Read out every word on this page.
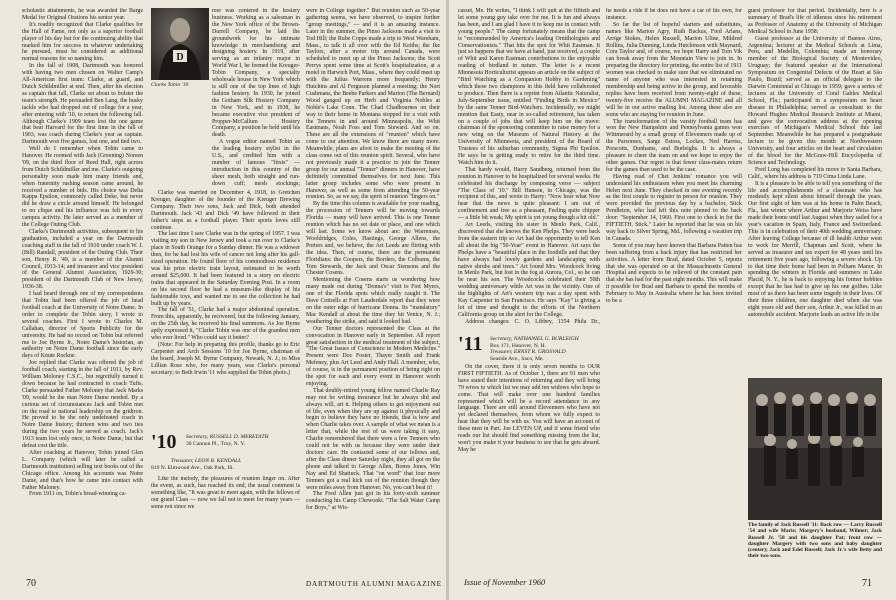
scholastic attainments, he was awarded the Barge Medal for Original Orations his senior year.

It's readily recognized that Clarke qualifies for the Hall of Fame, not only as a superior football player of his day but for the continuing ability that marked him for success in whatever undertaking he pursued, must be considered as additional normal reasons for so naming him.

In the fall of 1908, Dartmouth was honored with having two men chosen on Walter Camp's All-American first team: Clarke, at guard, and Dutch Schildmiller at end. Then, after his election as captain that fall, Clarke set about to bolster the team's strength. He persuaded Ben Lang, the husky tackle who had dropped out of college for a year, after entering with '10, to return the following fall. Although Clarke's 1909 team lost the one game that beat Harvard for the first time in the fall of 1903, was coach during Clarke's year as captain. Dartmouth won five games, lost one, and tied two.

Well do I remember when Tobin came to Hanover. He roomed with Jack (Greening) Noreen '09, on the third floor of Reed Hall, right across from Dutch Schildmiller and me. Clarke's outgoing personality soon made him many friends and, when fraternity rushing season came around, he received a number of bids. His choice was Delta Kappa Epsilon, commonly called Deke, but never did he draw a circle around himself. He belonged to no clique and his influence was felt in every campus activity. He later served as a member of the College Outing Club.

Clarke's Dartmouth activities, subsequent to his graduation, included a year on the Dartmouth coaching staff in the fall of 1910 under coach W. J. (Bill) Randall, president of the Outing Club. Their son, Henry R. '49, is a member of the Alumni Council, 1913-14; and treasurer and vice president of the General Alumni Association, 1929-30; president of the Dartmouth Club of New Jersey, 1936-38.

I had heard through one of my correspondents that Tobin had been offered the job of head football coach at the University of Notre Dame. In order to complete the Tobin story, I wrote to several coaches. First I wrote to Charles M. Callahan, director of Sports Publicity for the university. He had no record on Tobin but referred me to Joe Byrne Jr., Notre Dame's historian, an authority on Notre Dame football since the early days of Knute Rockne.

Joe replied that Clarke was offered the job of football coach, starting in the fall of 1911, by Rev. William Moloney C.S.C., but regretfully turned it down because he had contracted to coach Tufts. Clarke persuaded Father Moloney that Jack Marks '09, would be the man Notre Dame needed. By a curious set of circumstances Jack and Tobin met on the road to national leadership on the gridiron. He proved to be the only undefeated coach in Notre Dame history; thirteen wins and two ties during the two years he served as coach. Jack's 1913 team lost only once, to Notre Dame, but that defeat cost the title.

After coaching at Hanover, Tobin joined Glen L. Company (which will later be called a Dartmouth institution) selling text books out of the Chicago office. Among his accounts was Notre Dame, and that's how he came into contact with Father Maloney.

From 1911 on, Tobin's bread-winning ca-

D
Clarke Tobin '10

reer was centered in the hosiery business. Working as a salesman in the New York office of the Brown-Durrell Company, he laid the groundwork for his intimate knowledge in merchandising and designing hosiery. In 1919, after serving as an infantry major in World War I, he formed the Kreuger-Tobin Company, a specialty wholesale house in New York which is still one of the top lines of high fashion hosiery. In 1930, he joined the Gotham Silk Hosiery Company in New York, and in 1938, he became executive vice president of Propper-McCallum Hosiery Company, a position he held until his death.

A vogue editor named Tobin as the leading hosiery stylist in the U.S., and credited him with a number of famous "firsts" — introduction in this country of the sheer mesh, both straight and run-down cuff; mesh stockings;

Clarke was married on December 4, 1918, to Gretchen Kreuger, daughter of the founder of the Kreuger Brewing Company. Their two sons, Jack and Dick, both attended Dartmouth. Jack '43 and Dick '49 have followed in their father's steps as a football player. Their sports loves still continue.

The last time I saw Clarke was in the spring of 1957. I was visiting my son in New Jersey and took a run over to Clarke's place in South Orange for a Sunday dinner. He was a widower then, for he had lost his wife of cancer not long after his gall-sized operation. He found floor of his commodious residence was his prize electric train layout, estimated to be worth around $25,000. It had been featured in a story on electric trains that appeared in the Saturday Evening Post. In a room on his second floor he had a museum-like display of his fashionable toys, and wanted me to see the collection he had built up by years.

The fall of '51, Clarke had a major abdominal operation. From this, apparently, he recovered, but the following January, on the 25th day, he received his final summons. As Joe Byrne aptly expressed it, "Clarke Tobin was one of the grandest men who ever lived." Who could say it better?

(Note: For help in preparing this profile, thanks go to Eric Carpenter and Arch Sessions '10 for Joe Byrne, chairman of the board, Joseph M. Byrne Company, Newark, N. J.; to Miss Lillian Rose who, for many years, was Clarke's personal secretary; to Beth Irwin '11 who supplied the Tobin photo.)

'10 Secretary, RUSSELL D. MEREDITH
30 Cannon Pl., Troy, N. Y.
Treasurer, LEON B. KENDALL
819 N. Elmwood Ave., Oak Park, Ill.

Like the melody, the pleasures of reunion linger on. After the event, as such, has reached its end, the usual comment is something like, "It was great to meet again, with the fellows of our grand Class — now we fall not to meet for many years — some not since we

were in College together." But reunion such as 50-year gathering seems, we have observed, to inspire further "group meetings," — and it is an amazing instance. Later in the summer, the Pinso Jacksons made a visit to Tod Hill; the Rube Copps made a trip to West Wareham, Mass., to talk it all over with the Ed Keiths; the Ike Taylors, after a motor trip around Canada, were scheduled to meet up at the Pinso Jacksons; the Scott Perrys spent some time at Scott's hospitalization, at a motel in Harwich Port, Mass., where they could meet up with the Julius Warrens more frequently; Henry Hutchins and Al Ferguson planned a meeting; the Nort Cushmans, the Beebe Parkers and Marion (The Bernard) Wood ganged up on Herb and Virginia Nobles at Noble's Lake Conn. The Chad Chadbournes on their way to their home in Montana stopped for a visit with the Tenners in and around Minneapolis, the Whit Eastmans, Noah Foss and Tom Steward. And so on. These are all the extensions of "reunion" which have come to our attention. We know there are many more. Meanwhile, plans are afoot to make the meeting of the class come out of this reunion spirit. Several, who have not previously made it a practice to join the Tenner group for our annual "Tenner" dinners in Hanover, have definitely committed themselves for next June. This latter group includes some who were present in Hanover, as well as some from attending the 50-year reunion. So, as we say, the spirit of reunion "lingers on."

By the time this column is available for your reading, the procession of Tenners will be moving towards Florida — many will have arrived. This is one Tenner reunion which has no set date or place, and one which will last. Some we know about are: the Warrenses, Wooldridges, Coles, Hastings, George Allens, the Porters and, we believe, the Art Leeds are flirting with the idea. Then, of course, there are the permanent Floridians: the Coopers, the Borders, the Colbums, the Tom Stewards, the Jack and Oscar Stensons and the Chester Cosens.

Mentioning the Cosens starts us wondering how many made out during "Donna's" visit to Fort Myers, one of the Florida spots which really caught it. The Dave Cottrells at Fort Lauderdale report that they were on the outer edge of hurricane Donna. Its "mandatory" Mac Kendall at about the time they hit Venice, N. J.; weathering the strike, and said it looked bad.

Our Tenner doctors represented the Class at the convocation in Hanover early in September. All report great satisfaction in the medical treatment of the subject, "The Great Issues of Conscience in Modern Medicine." Present were Doc Foster, Thayer Smith and Frank Mefeney, plus Art Leed and Andy Hall. A member, who, of course, is in the permanent position of being right on the spot for each and every event in Hanover worth enjoying.

That doubly-retired young fellow named Charlie Ray may not be writing insurance but he always did and always will, art it. Helping others to get enjoyment out of life, even when they are up against it physically and begin to believe they have no friends, that is how and when Charlie takes over. A sample of what we mean is a letter that, while the rest of us were taking it easy, Charlie remembered that there were a few Tenners who could not be with us because they were under their doctors' care. He contacted some of our fellows and, after the Class dinner Saturday night, they all got on the phone and talked to George Allen, Bones Jones, Win Nay and Ed Shattuck. That "on word" that four more Tenners got a real kick out of the reunion though they were miles away from Hanover. No, you can't beat it!

The Fred Allen just got in his forty-sixth summer conducting his Camp Chewonki. "The Salt Water Camp for Boys," at Wis-

70	DARTMOUTH ALUMNI MAGAZINE

casset, Me. He writes, "I think I will quit at the fiftieth and let some young guy take over for me. It is fun and always has been, and I am glad I have it to keep me in contact with young people." The camp fortunately means that the camp is "recommended by America's leading Ornithologists and Conservationists." That hits the spot for Whit Eastman. It just so happens that we have at hand, just received, a couple of Whit and Karen Eastman contributions to the enjoyable reading of birdland in nature. The letter is a recent Minnesota Horticulturist appears an article on the subject of "Bird Watching as a Companion Hobby to Gardening" which these two champions in this field have collaborated to produce. Then there is a reprint from Atlantic Naturalist, July-September issue, entitled "Finding Birds in Mexico" by the same Tenner Bird-Watchers. Incidentally, we might mention that Easty, near in so-called retirement, has taken on a couple of jobs that will keep him on the move: chairman of the sponsoring committee to raise money for a new wing on the Museum of Natural History at the University of Minnesota, and president of the Board of Trustees of his suburban community, Sigma Phi Epsilon. He says he is getting ready to retire for the third time. Watch him do it.

That hardy would, Harry Sandberg, returned from the reunion in Hanover to be hospitalized for several weeks. He celebrated his discharge by composing verse — subject "The Class of '10." Bill Hanson, in Chicago, was the recipient of this, and wrote to Harry: "Now hear what Now hear that the news is quite pleasant: I am out of confinement and free as a pheasant, Feeling quite chipper — a little bit weak; My spirit is yet young though a bit old."

Art Leeds, visiting his sister in Menlo Park, Calif., discovered that she knows the Ken Phelps. They were back from the eastern trip so Art had the opportunity to tell Ken all about the big "50-Year" event in Hanover. Art says the Phelps have a "beautiful place in the foothills and that they have always had lovely gardens and landscaping with native shrubs and trees." Art found Mrs. Woodcock living in Menlo Park, but lost in the fog at Aurora, Col., so he can be near his son. The Woodcocks celebrated their 50th wedding anniversary while Art was in the vicinity. One of the highlights of Art's western trip was a day spent with Kay Carpenter in San Francisco. He says "Kay" is giving a lot of time and thought to the efforts of the Northern California group on the alert for the College.

Address changes: C. O. Libbey, 1354 Phila Dr.,

'11 Secretary, NATHANIEL G. BURLEIGH
Box 171, Hanover, N. H.
Treasurer, ERNST R. GROSVALD
Seaside Ave., Saco, Me.

On the cover, there it is only seven months to OUR FIRST FIFTIETH. As of October 1, there are 91 men who have stated their intentions of returning and they will bring 79 wives to which list we may add ten widows who hope to come. That will make over one hundred families represented which will be a record attendance in any language. There are still around Elevenners who have not yet declared themselves, from whom we fully expect to hear that they will be with us. You will have an account of these men in Part. Joe LEVEN UP, and if some friend who reads our list should find something missing from the list, won't you make it your business to see that he gets aboard. May he

he needs a ride if he does not have a car of his own, for instance.

So far the list of hopeful starters and substitutes, names like Marion Agry, Ruth Backus, Fred Arlans, Arrige Stokes, Helen Russell, Marion Uline, Mildred Rollins, Julia Dunning, Linda Hutchinson with Maynard, Cora Taylor and, of course, we hope Harry and Tom Vik can break away from the Mountain View to join in. In preparing the directory for printing, the entire list of 1911 women was checked to make sure that we eliminated no name of anyone who was interested in retaining membership and being active in the group, and favorable replies have been received from twenty-eight of these, twenty-five receive the ALUMNI MAGAZINE and all will be in our active mailing list. Among these also are some who are staying for reunion in June.

The transformation of the varsity football team has won the New Hampshire and Pennsylvania games won Wittmerard by a small group of Elevenners made up of the Parsonses, Sarge Estoss, Lockes, Ned Harriss, Prescotts, Dunhams, and Burleighs. It is always a pleasure to cheer the team on and we hope to enjoy the other games. Our regret is that fewer class-mates return for the games than used to be the case.

Having read of Chet Jenkins' romance you will understand his enthusiasm when you meet his charming Helen next June. They checked in one evening recently as the first couple to register in person for reunion. They were provided the previous day by a bachelor, Stick Pendleton, who had left this note pinned to the back door: "September 14, 1960. First one to check in for the FIFTIETH. Stick." Later he reported that he was on his way back to Silver Spring, Md., following a vacation trip in Canada.

Some of you may have known that Barbara Patten has been suffering from a back injury that has restricted her activities. A letter from Brad, dated October 5, reports that she was operated on at the Massachusetts General Hospital and expects to be relieved of the constant pain that she has had for the past eight months. This will make it possible for Brad and Barbara to spend the months of February to May in Australia where he has been invited to be a

guest professor for that period. Incidentally, here is a summary of Brad's life of idleness since his retirement as Professor of Anatomy at the University of Michigan Medical School in June 1958:

Guest professor at the University of Buenos Aires, Argentina; lecturer at the Medical Schools at Lima, Peru, and Medellin, Colombia; made an honorary member of the Biological Society of Montevideo, Uruguay; the featured speaker at the International Symposium on Congenital Defects of the Heart at São Paulo, Brazil; served as an official delegate to the Darwin Centennial at Chicago in 1959; gave a series of lectures at the University of Coral Gables Medical School, Fla.; participated in a symposium on heart disease in Philadelphia; served as consultant to the Howard Hughes Medical Research Institute at Miami, and gave the convocation address at the opening exercises of Michigan's Medical School this last September. Meanwhile he has prepared a postgraduate lecture to be given this month at Northwestern University, and four articles on the heart and circulation of the blood for the McGraw-Hill Encyclopedia of Science and Technology.

Fred Long has completed his move to Santa Barbara, Calif., where his address is 719 Cima Linda Lane.

It is a pleasure to be able to tell you something of the life and accomplishments of a classmate who has modestly kept silent about himself through the years. Our first sight of him was at his home in Palm Beach, Fla., last winter where Arthur and Marjorie Weiss have made their home until last August when they sailed for a year's vacation in Spain, Italy, France and Switzerland. This is in celebration of their 40th wedding anniversary. After leaving College because of ill health Arthur went to work for Merrill, Chapman and Scott, where he served as treasurer and tax expert for 48 years until his retirement five years ago, following a severe shock. Up to that time their home had been in Pelham Manor. In spending the winters in Florida and summers in Lake Placid, N. Y., he is back to enjoying his former hobbies except that he has had to give up his one golfies. Like most of us there has been some tragedy in their lives. Of their three children, one daughter died when she was eight years old and their son, Arthur Jr., was killed in an automobile accident. Marjorie leads an active life in the

The family of Jack Russell '11: Back row — Larry Russell '54 and wife Marie; Margery's husband, Wilmer; Jack Russell Jr. '58 and his daughter Pat; front row — daughter Margery with two sons and baby daughter (center); Jack and Edel Russell; Jack Jr.'s wife Betty and their two sons.
Issue of November 1960	71
